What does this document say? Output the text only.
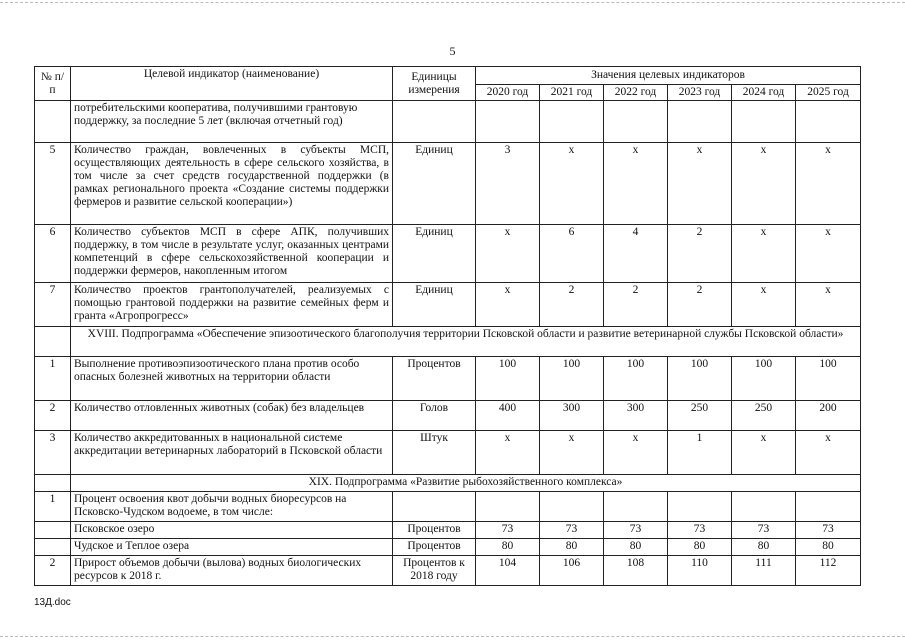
5
№ п/п	Целевой индикатор (наименование)	Единицы измерения	Значения целевых индикаторов					
			2020 год	2021 год	2022 год	2023 год	2024 год	2025 год
	потребительскими кооператива, получившими грантовую поддержку, за последние 5 лет (включая отчетный год)							
5	Количество граждан, вовлеченных в субъекты МСП, осуществляющих деятельность в сфере сельского хозяйства, в том числе за счет средств государственной поддержки (в рамках регионального проекта «Создание системы поддержки фермеров и развитие сельской кооперации»)	Единиц	3	х	х	х	х	х
6	Количество субъектов МСП в сфере АПК, получивших поддержку, в том числе в результате услуг, оказанных центрами компетенций в сфере сельскохозяйственной кооперации и поддержки фермеров, накопленным итогом	Единиц	х	6	4	2	х	х
7	Количество проектов грантополучателей, реализуемых с помощью грантовой поддержки на развитие семейных ферм и гранта «Агропрогресс»	Единиц	х	2	2	2	х	х
	XVIII. Подпрограмма «Обеспечение эпизоотического благополучия территории Псковской области и развитие ветеринарной службы Псковской области»							
1	Выполнение противоэпизоотического плана против особо опасных болезней животных на территории области	Процентов	100	100	100	100	100	100
2	Количество отловленных животных (собак) без владельцев	Голов	400	300	300	250	250	200
3	Количество аккредитованных в национальной системе аккредитации ветеринарных лабораторий в Псковской области	Штук	х	х	х	1	х	х
	XIX. Подпрограмма «Развитие рыбохозяйственного комплекса»							
1	Процент освоения квот добычи водных биоресурсов на Псковско-Чудском водоеме, в том числе:							
	Псковское озеро	Процентов	73	73	73	73	73	73
	Чудское и Теплое озера	Процентов	80	80	80	80	80	80
2	Прирост объемов добычи (вылова) водных биологических ресурсов к 2018 г.	Процентов к 2018 году	104	106	108	110	111	112
13Д.doc
